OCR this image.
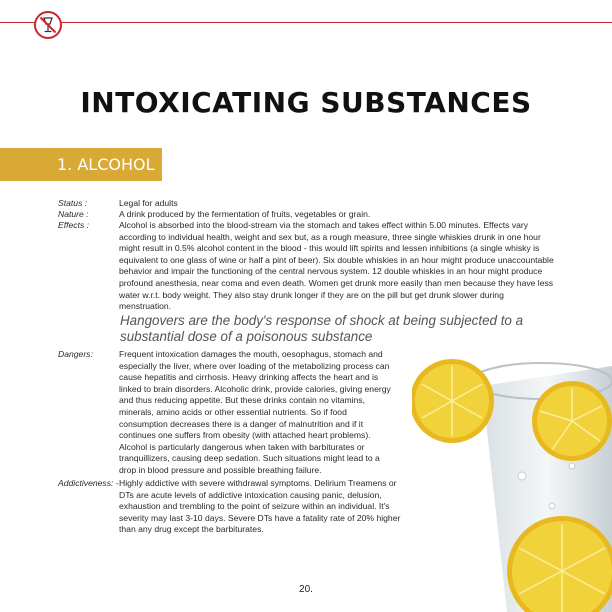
INTOXICATING SUBSTANCES
1. ALCOHOL
Status :	Legal for adults
Nature :	A drink produced by the fermentation of fruits, vegetables or grain.
Effects :	Alcohol is absorbed into the blood-stream via the stomach and takes effect within 5.00 minutes. Effects vary according to individual health, weight and sex but, as a rough measure, three single whiskies drunk in one hour might result in 0.5% alcohol content in the blood - this would lift spirits and lessen inhibitions (a single whisky is equivalent to one glass of wine or half a pint of beer). Six double whiskies in an hour might produce unaccountable behavior and impair the functioning of the central nervous system. 12 double whiskies in an hour might produce profound anesthesia, near coma and even death. Women get drunk more easily than men because they have less water w.r.t. body weight. They also stay drunk longer if they are on the pill but get drunk slower during menstruation.
Hangovers are the body's response of shock at being subjected to a substantial dose of a poisonous substance
Dangers:	Frequent intoxication damages the mouth, oesophagus, stomach and especially the liver, where over loading of the metabolizing process can cause hepatitis and cirrhosis. Heavy drinking affects the heart and is linked to brain disorders. Alcoholic drink, provide calories, giving energy and thus reducing appetite. But these drinks contain no vitamins, minerals, amino acids or other essential nutrients. So if food consumption decreases there is a danger of malnutrition and if it continues one suffers from obesity (with attached heart problems). Alcohol is particularly dangerous when taken with barbiturates or tranquillizers, causing deep sedation. Such situations might lead to a drop in blood pressure and possible breathing failure.
Addictiveness: - Highly addictive with severe withdrawal symptoms. Delirium Treamens or DTs are acute levels of addictive intoxication causing panic, delusion, exhaustion and trembling to the point of seizure within an individual. It's severity may last 3-10 days. Severe DTs have a fatality rate of 20% higher than any drug except the barbiturates.
20.
